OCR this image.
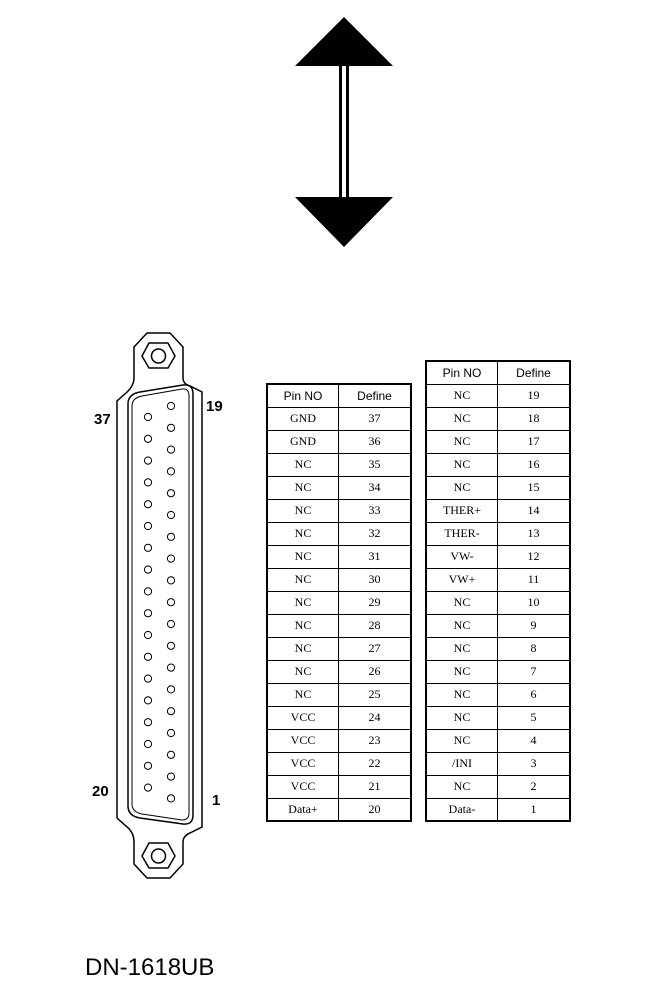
37
19
20
1
Pin NO	Define
GND	37
GND	36
NC	35
NC	34
NC	33
NC	32
NC	31
NC	30
NC	29
NC	28
NC	27
NC	26
NC	25
VCC	24
VCC	23
VCC	22
VCC	21
Data+	20
Pin NO	Define
NC	19
NC	18
NC	17
NC	16
NC	15
THER+	14
THER-	13
VW-	12
VW+	11
NC	10
NC	9
NC	8
NC	7
NC	6
NC	5
NC	4
/INI	3
NC	2
Data-	1
DN-1618UB
